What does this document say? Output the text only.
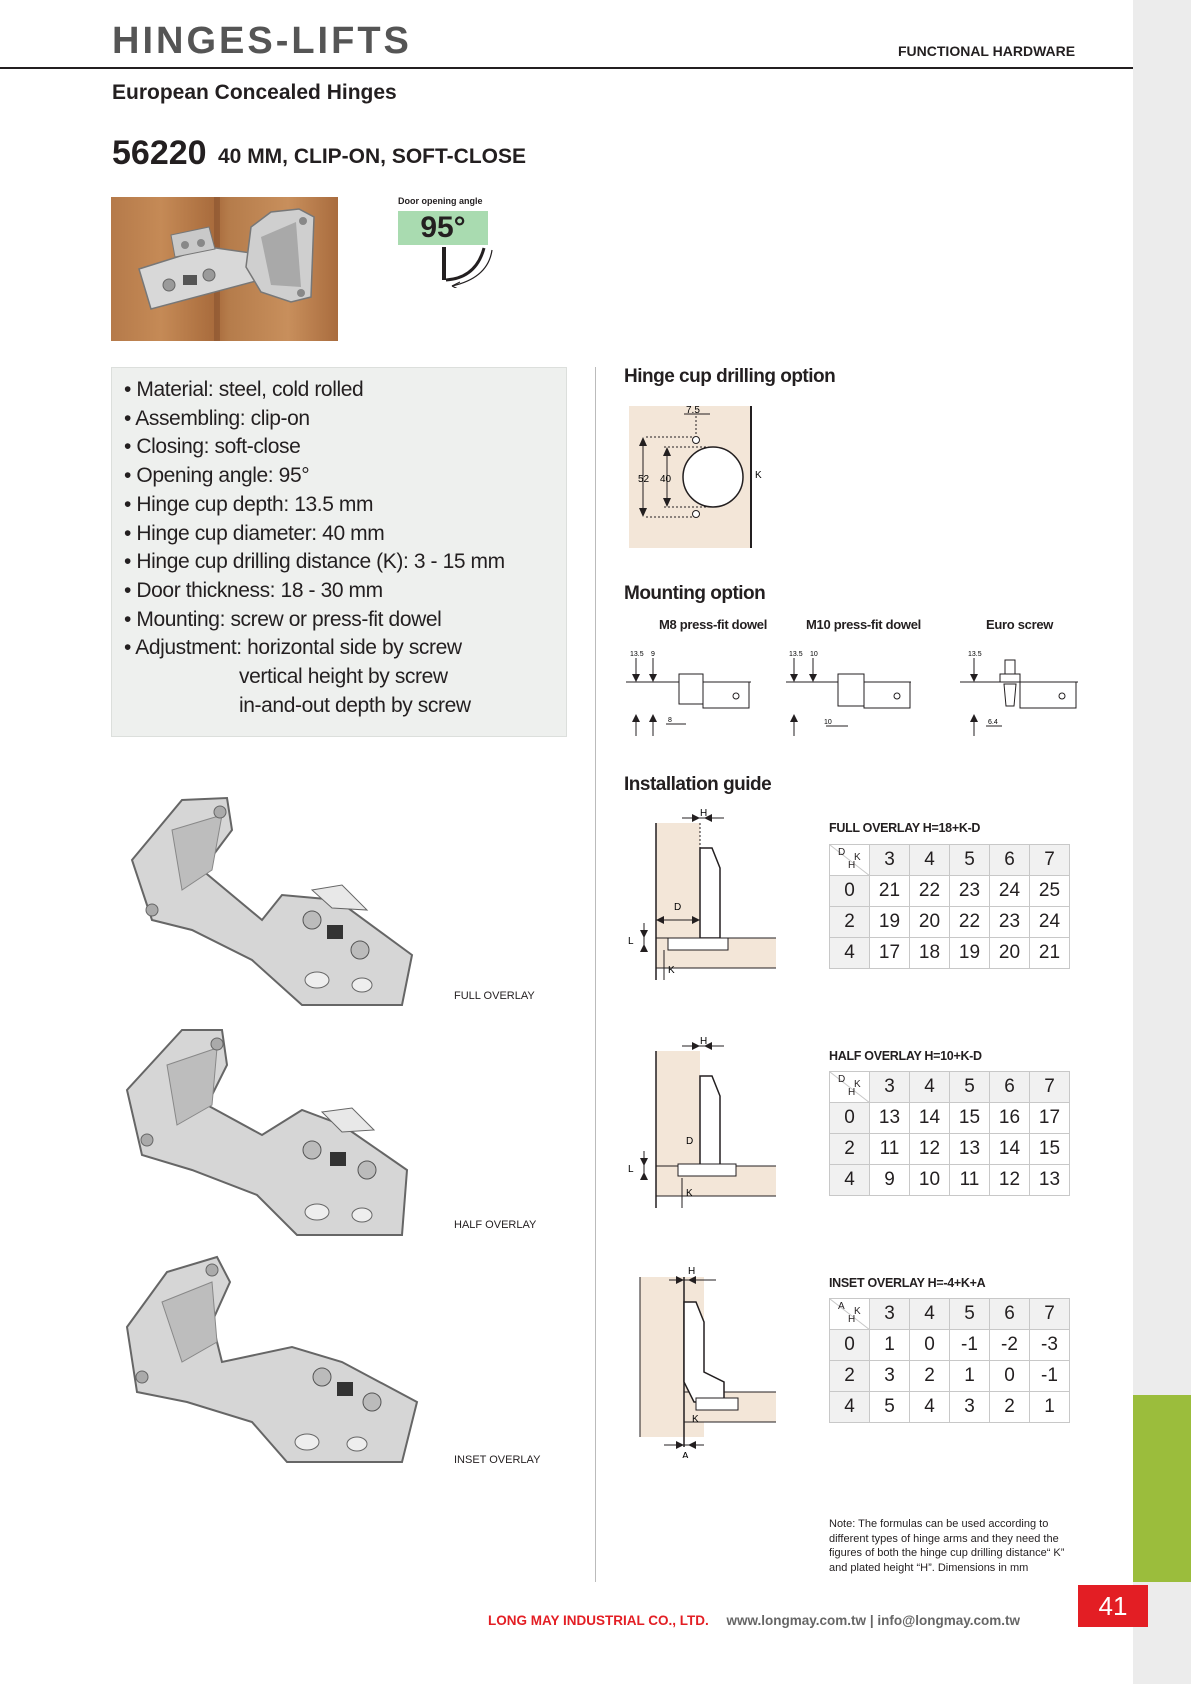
41
HINGES-LIFTS	FUNCTIONAL HARDWARE
European Concealed Hinges
56220 40 MM, CLIP-ON, SOFT-CLOSE
Door opening angle
95°
• Material: steel, cold rolled
• Assembling: clip-on
• Closing: soft-close
• Opening angle: 95°
• Hinge cup depth: 13.5 mm
• Hinge cup diameter: 40 mm
• Hinge cup drilling distance (K): 3 - 15 mm
• Door thickness: 18 - 30 mm
• Mounting: screw or press-fit dowel
• Adjustment: horizontal side by screw
vertical height by screw
in-and-out depth by screw
Hinge cup drilling option
7.5
52 40	K
Mounting option
M8 press-fit dowel	M10 press-fit dowel	Euro screw
13.5 9
8
13.5 10
10
13.5
6.4
Installation guide
FULL OVERLAY
HALF OVERLAY
INSET OVERLAY
H
D
L
K
H
D
L
K
H
K
A
FULL OVERLAY H=18+K-D
D K
H	3	4	5	6	7
0	21	22	23	24	25
2	19	20	22	23	24
4	17	18	19	20	21
HALF OVERLAY H=10+K-D
D K
H	3	4	5	6	7
0	13	14	15	16	17
2	11	12	13	14	15
4	9	10	11	12	13
INSET OVERLAY H=-4+K+A
A K
H	3	4	5	6	7
0	1	0	-1	-2	-3
2	3	2	1	0	-1
4	5	4	3	2	1
Note: The formulas can be used according to different types of hinge arms and they need the figures of both the hinge cup drilling distance“ K” and plated height “H”. Dimensions in mm
LONG MAY INDUSTRIAL CO., LTD. www.longmay.com.tw | info@longmay.com.tw
